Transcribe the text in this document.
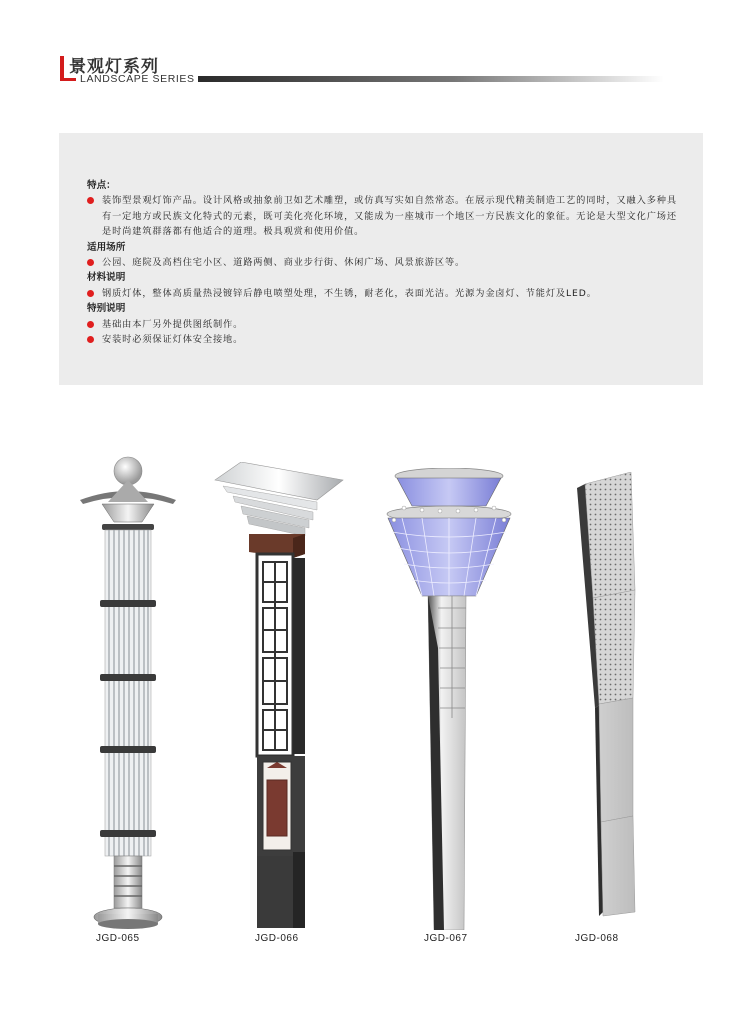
景观灯系列
LANDSCAPE SERIES
特点：
装饰型景观灯饰产品。设计风格或抽象前卫如艺术雕塑，或仿真写实如自然常态。在展示现代精美制造工艺的同时，又融入多种具有一定地方或民族文化特式的元素，既可美化亮化环境，又能成为一座城市一个地区一方民族文化的象征。无论是大型文化广场还是时尚建筑群落都有他适合的道理。极具观赏和使用价值。
适用场所
公园、庭院及高档住宅小区、道路两侧、商业步行街、休闲广场、风景旅游区等。
材料说明
钢质灯体，整体高质量热浸镀锌后静电喷塑处理，不生锈，耐老化，表面光洁。光源为金卤灯、节能灯及LED。
特别说明
基础由本厂另外提供图纸制作。
安装时必须保证灯体安全接地。
JGD-065	JGD-066	JGD-067	JGD-068
